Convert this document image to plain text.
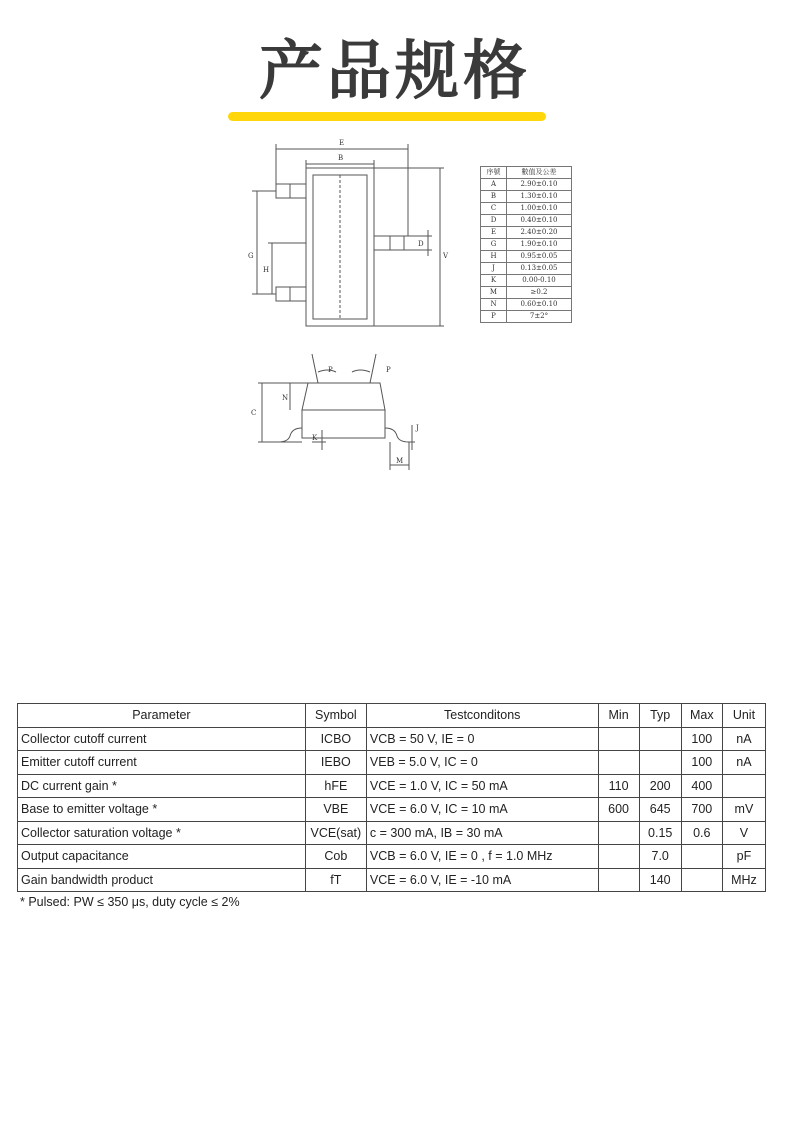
产品规格
E
B
G
H
D
V
C
N
K
P	P
M
J
序號	數值及公差
A	2.90±0.10
B	1.30±0.10
C	1.00±0.10
D	0.40±0.10
E	2.40±0.20
G	1.90±0.10
H	0.95±0.05
J	0.13±0.05
K	0.00-0.10
M	≥0.2
N	0.60±0.10
P	7±2°
Parameter	Symbol	Testconditons	Min	Typ	Max	Unit
Collector cutoff current	ICBO	VCB = 50 V, IE = 0			100	nA
Emitter cutoff current	IEBO	VEB = 5.0 V, IC = 0			100	nA
DC current gain *	hFE	VCE = 1.0 V, IC = 50 mA	110	200	400	
Base to emitter voltage *	VBE	VCE = 6.0 V, IC = 10 mA	600	645	700	mV
Collector saturation voltage *	VCE(sat)	c = 300 mA, IB = 30 mA		0.15	0.6	V
Output capacitance	Cob	VCB = 6.0 V, IE = 0 , f = 1.0 MHz		7.0		pF
Gain bandwidth product	fT	VCE = 6.0 V, IE = -10 mA		140		MHz
* Pulsed: PW ≤ 350 μs, duty cycle ≤ 2%
